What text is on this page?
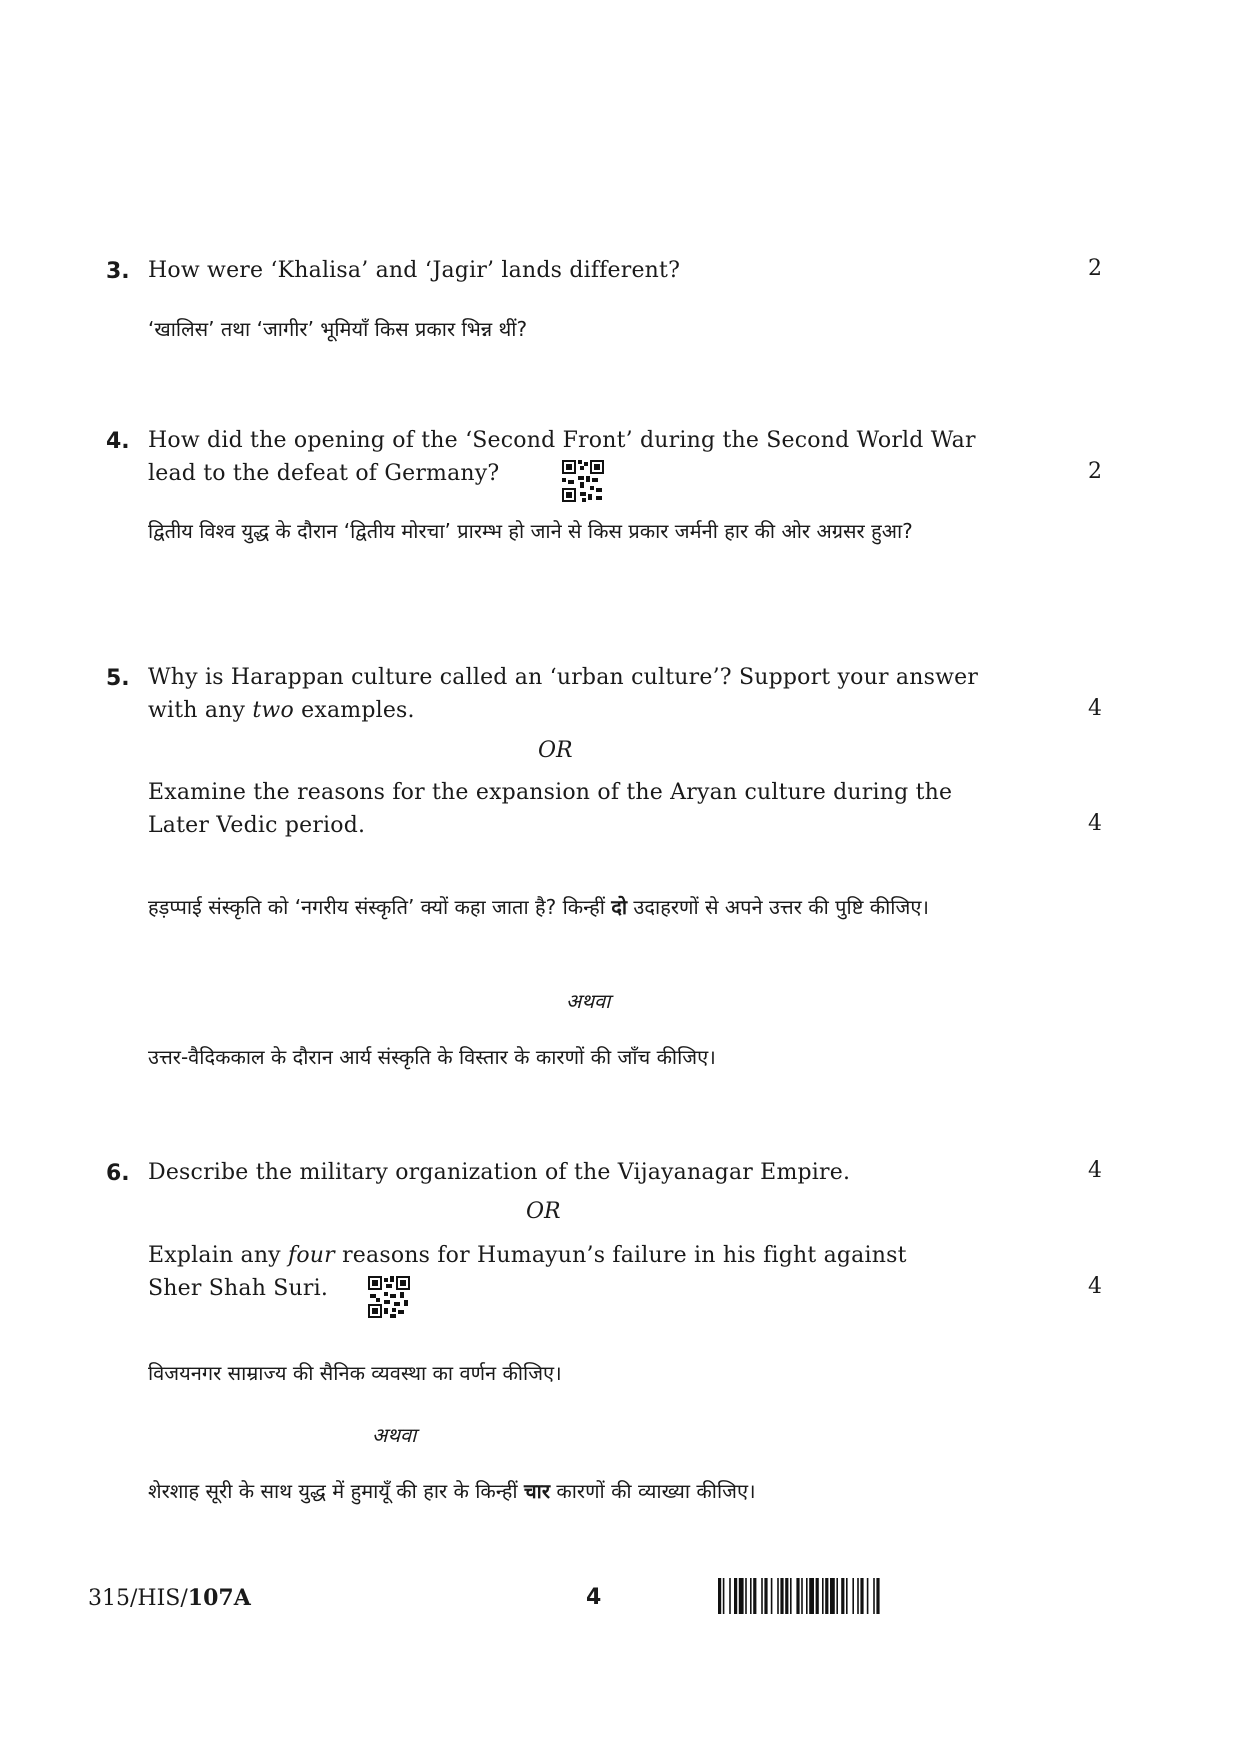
3. How were ‘Khalisa’ and ‘Jagir’ lands different?	2
‘खालिस’ तथा ‘जागीर’ भूमियाँ किस प्रकार भिन्न थीं?
4. How did the opening of the ‘Second Front’ during the Second World War
lead to the defeat of Germany?	2
द्वितीय विश्व युद्ध के दौरान ‘द्वितीय मोरचा’ प्रारम्भ हो जाने से किस प्रकार जर्मनी हार की ओर अग्रसर हुआ?
5. Why is Harappan culture called an ‘urban culture’? Support your answer
with any two examples.	4
OR
Examine the reasons for the expansion of the Aryan culture during the
Later Vedic period.	4
हड़प्पाई संस्कृति को ‘नगरीय संस्कृति’ क्यों कहा जाता है? किन्हीं दो उदाहरणों से अपने उत्तर की पुष्टि कीजिए।
अथवा
उत्तर-वैदिककाल के दौरान आर्य संस्कृति के विस्तार के कारणों की जाँच कीजिए।
6. Describe the military organization of the Vijayanagar Empire.	4
OR
Explain any four reasons for Humayun’s failure in his fight against
Sher Shah Suri.	4
विजयनगर साम्राज्य की सैनिक व्यवस्था का वर्णन कीजिए।
अथवा
शेरशाह सूरी के साथ युद्ध में हुमायूँ की हार के किन्हीं चार कारणों की व्याख्या कीजिए।
315/HIS/107A	4
